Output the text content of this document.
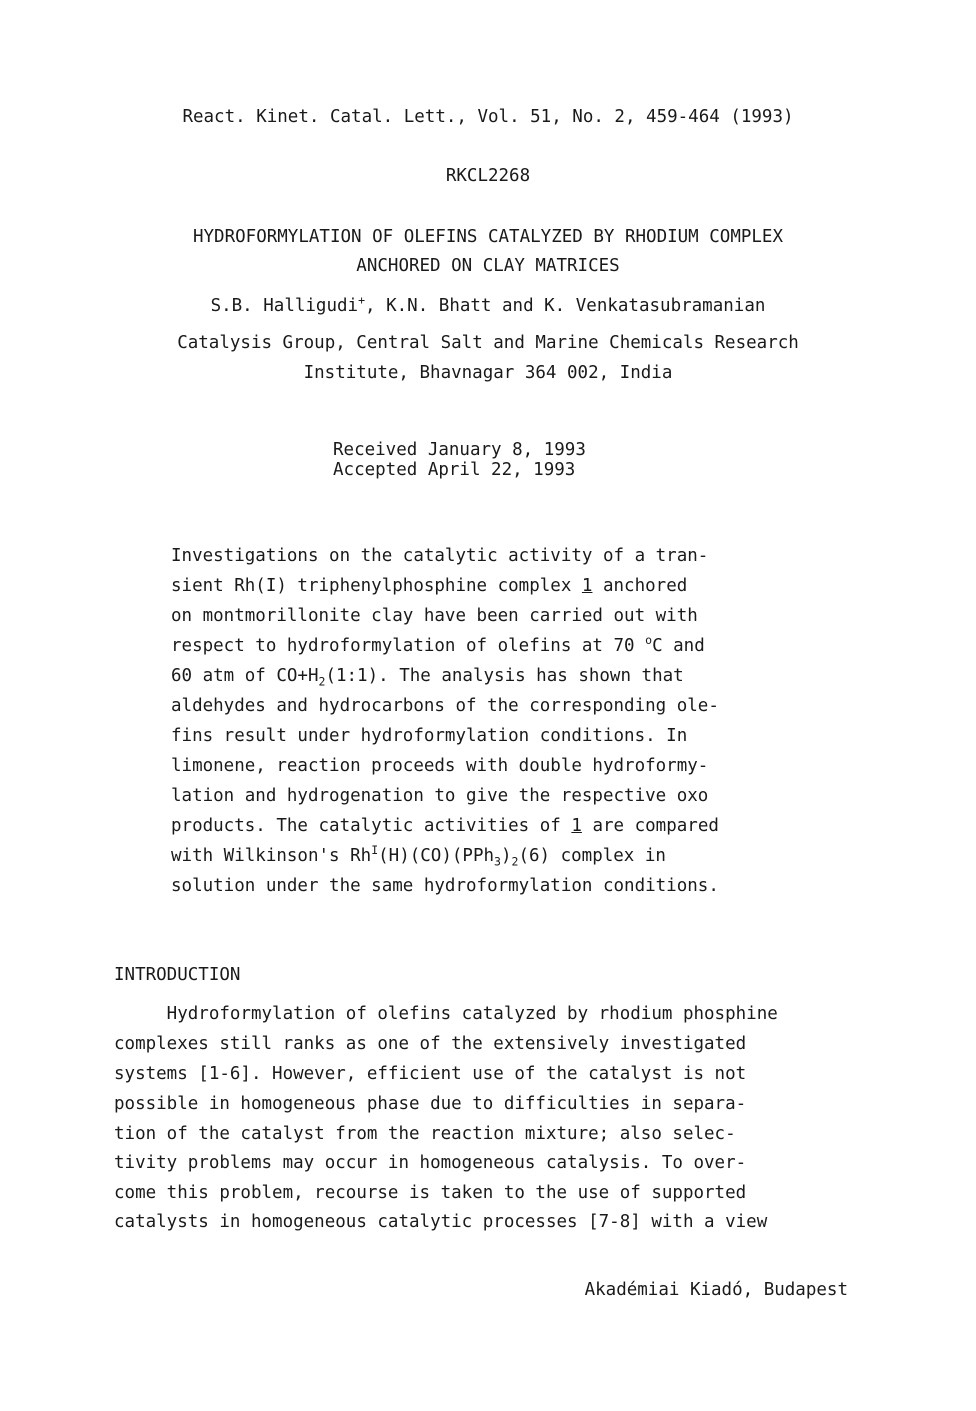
React. Kinet. Catal. Lett., Vol. 51, No. 2, 459-464 (1993)
RKCL2268
HYDROFORMYLATION OF OLEFINS CATALYZED BY RHODIUM COMPLEX
ANCHORED ON CLAY MATRICES
S.B. Halligudi+, K.N. Bhatt and K. Venkatasubramanian
Catalysis Group, Central Salt and Marine Chemicals Research
Institute, Bhavnagar 364 002, India
Received January 8, 1993
Accepted April 22, 1993
Investigations on the catalytic activity of a tran-
sient Rh(I) triphenylphosphine complex 1 anchored
on montmorillonite clay have been carried out with
respect to hydroformylation of olefins at 70 $^o$C and
60 atm of $CO+H_2(1:1)$. The analysis has shown that
aldehydes and hydrocarbons of the corresponding ole-
fins result under hydroformylation conditions. In
limonene, reaction proceeds with double hydroformy-
lation and hydrogenation to give the respective oxo
products. The catalytic activities of 1 are compared
with Wilkinson's $Rh^I(H)(CO)(PPh_3)_2(6)$ complex in
solution under the same hydroformylation conditions.
INTRODUCTION
Hydroformylation of olefins catalyzed by rhodium phosphine
complexes still ranks as one of the extensively investigated
systems [1-6]. However, efficient use of the catalyst is not
possible in homogeneous phase due to difficulties in separa-
tion of the catalyst from the reaction mixture; also selec-
tivity problems may occur in homogeneous catalysis. To over-
come this problem, recourse is taken to the use of supported
catalysts in homogeneous catalytic processes [7-8] with a view
Akadémiai Kiadó, Budapest
